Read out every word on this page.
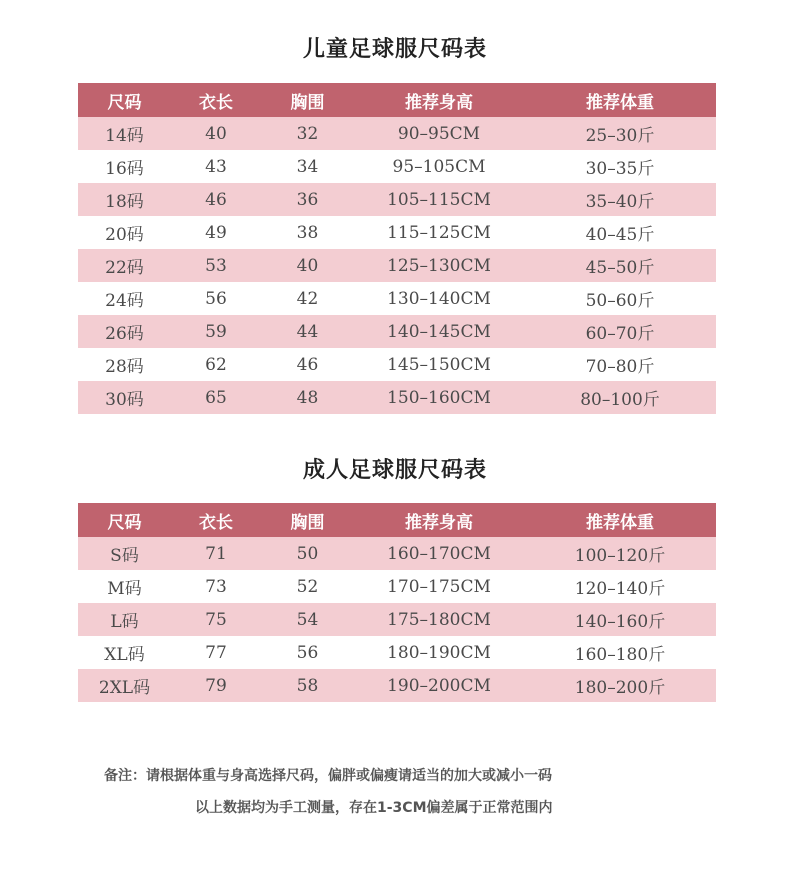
儿童足球服尺码表
尺码	衣长	胸围	推荐身高	推荐体重
14码	40	32	90–95CM	25–30斤
16码	43	34	95–105CM	30–35斤
18码	46	36	105–115CM	35–40斤
20码	49	38	115–125CM	40–45斤
22码	53	40	125–130CM	45–50斤
24码	56	42	130–140CM	50–60斤
26码	59	44	140–145CM	60–70斤
28码	62	46	145–150CM	70–80斤
30码	65	48	150–160CM	80–100斤
成人足球服尺码表
尺码	衣长	胸围	推荐身高	推荐体重
S码	71	50	160–170CM	100–120斤
M码	73	52	170–175CM	120–140斤
L码	75	54	175–180CM	140–160斤
XL码	77	56	180–190CM	160–180斤
2XL码	79	58	190–200CM	180–200斤
备注：请根据体重与身高选择尺码，偏胖或偏瘦请适当的加大或减小一码
以上数据均为手工测量，存在1-3CM偏差属于正常范围内
